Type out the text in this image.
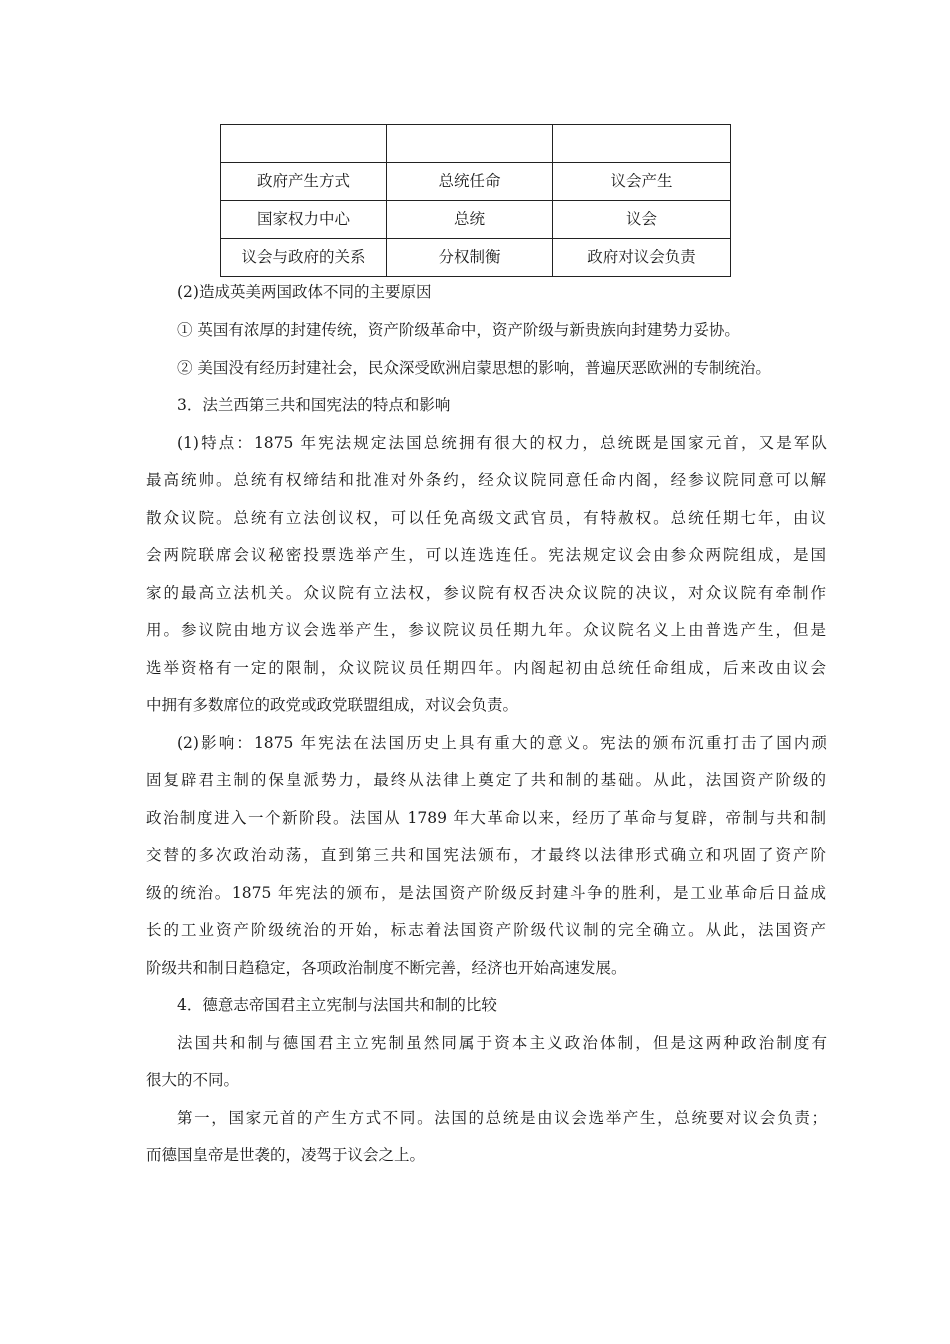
政府产生方式	总统任命	议会产生
国家权力中心	总统	议会
议会与政府的关系	分权制衡	政府对议会负责
(2)造成英美两国政体不同的主要原因
① 英国有浓厚的封建传统，资产阶级革命中，资产阶级与新贵族向封建势力妥协。
② 美国没有经历封建社会，民众深受欧洲启蒙思想的影响，普遍厌恶欧洲的专制统治。
3．法兰西第三共和国宪法的特点和影响
(1)特点：1875 年宪法规定法国总统拥有很大的权力，总统既是国家元首，又是军队
最高统帅。总统有权缔结和批准对外条约，经众议院同意任命内阁，经参议院同意可以解
散众议院。总统有立法创议权，可以任免高级文武官员，有特赦权。总统任期七年，由议
会两院联席会议秘密投票选举产生，可以连选连任。宪法规定议会由参众两院组成，是国
家的最高立法机关。众议院有立法权，参议院有权否决众议院的决议，对众议院有牵制作
用。参议院由地方议会选举产生，参议院议员任期九年。众议院名义上由普选产生，但是
选举资格有一定的限制，众议院议员任期四年。内阁起初由总统任命组成，后来改由议会
中拥有多数席位的政党或政党联盟组成，对议会负责。
(2)影响：1875 年宪法在法国历史上具有重大的意义。宪法的颁布沉重打击了国内顽
固复辟君主制的保皇派势力，最终从法律上奠定了共和制的基础。从此，法国资产阶级的
政治制度进入一个新阶段。法国从 1789 年大革命以来，经历了革命与复辟，帝制与共和制
交替的多次政治动荡，直到第三共和国宪法颁布，才最终以法律形式确立和巩固了资产阶
级的统治。1875 年宪法的颁布，是法国资产阶级反封建斗争的胜利，是工业革命后日益成
长的工业资产阶级统治的开始，标志着法国资产阶级代议制的完全确立。从此，法国资产
阶级共和制日趋稳定，各项政治制度不断完善，经济也开始高速发展。
4．德意志帝国君主立宪制与法国共和制的比较
法国共和制与德国君主立宪制虽然同属于资本主义政治体制，但是这两种政治制度有
很大的不同。
第一，国家元首的产生方式不同。法国的总统是由议会选举产生，总统要对议会负责；
而德国皇帝是世袭的，凌驾于议会之上。
